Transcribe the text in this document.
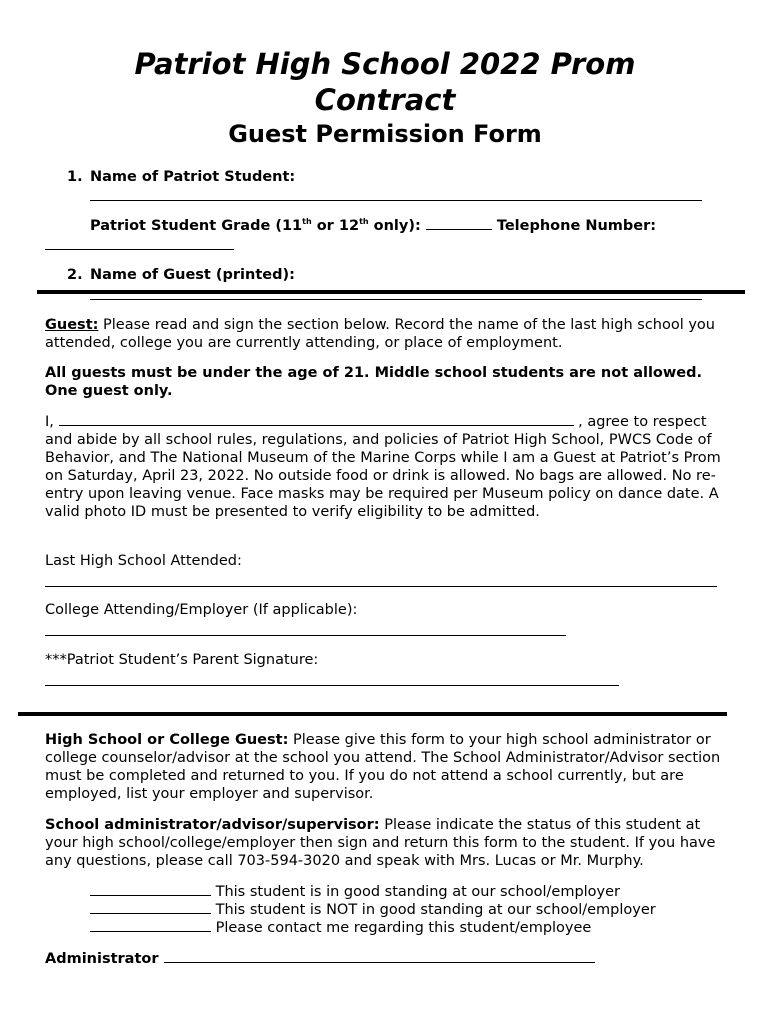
Patriot High School 2022 Prom
Contract
Guest Permission Form
1. Name of Patriot Student:
Patriot Student Grade (11th or 12th only):	Telephone Number:
2. Name of Guest (printed):
Guest: Please read and sign the section below. Record the name of the last high school you attended, college you are currently attending, or place of employment.
All guests must be under the age of 21. Middle school students are not allowed. One guest only.
I,	, agree to respect
and abide by all school rules, regulations, and policies of Patriot High School, PWCS Code of Behavior, and The National Museum of the Marine Corps while I am a Guest at Patriot’s Prom on Saturday, April 23, 2022. No outside food or drink is allowed. No bags are allowed. No re-entry upon leaving venue. Face masks may be required per Museum policy on dance date. A valid photo ID must be presented to verify eligibility to be admitted.
Last High School Attended:
College Attending/Employer (If applicable):
***Patriot Student’s Parent Signature:
High School or College Guest: Please give this form to your high school administrator or college counselor/advisor at the school you attend. The School Administrator/Advisor section must be completed and returned to you. If you do not attend a school currently, but are employed, list your employer and supervisor.
School administrator/advisor/supervisor: Please indicate the status of this student at your high school/college/employer then sign and return this form to the student. If you have any questions, please call 703-594-3020 and speak with Mrs. Lucas or Mr. Murphy.
This student is in good standing at our school/employer
This student is NOT in good standing at our school/employer
Please contact me regarding this student/employee
Administrator
